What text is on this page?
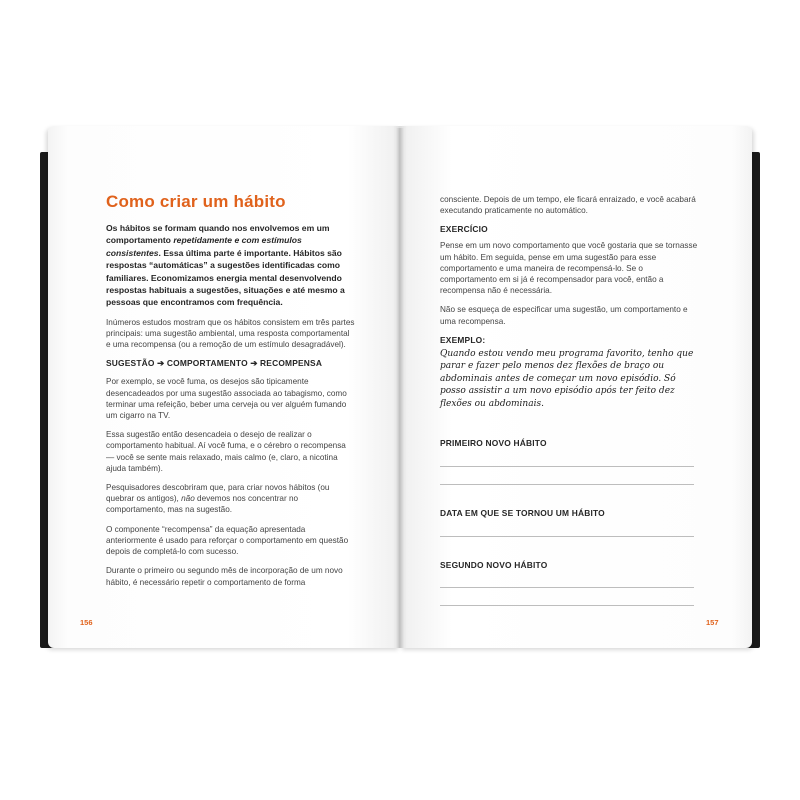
Como criar um hábito

Os hábitos se formam quando nos envolvemos em um comportamento repetidamente e com estímulos consistentes. Essa última parte é importante. Hábitos são respostas “automáticas” a sugestões identificadas como familiares. Economizamos energia mental desenvolvendo respostas habituais a sugestões, situações e até mesmo a pessoas que encontramos com frequência.

Inúmeros estudos mostram que os hábitos consistem em três partes principais: uma sugestão ambiental, uma resposta comportamental e uma recompensa (ou a remoção de um estímulo desagradável).

SUGESTÃO ➔ COMPORTAMENTO ➔ RECOMPENSA

Por exemplo, se você fuma, os desejos são tipicamente desencadeados por uma sugestão associada ao tabagismo, como terminar uma refeição, beber uma cerveja ou ver alguém fumando um cigarro na TV.

Essa sugestão então desencadeia o desejo de realizar o comportamento habitual. Aí você fuma, e o cérebro o recompensa — você se sente mais relaxado, mais calmo (e, claro, a nicotina ajuda também).

Pesquisadores descobriram que, para criar novos hábitos (ou quebrar os antigos), não devemos nos concentrar no comportamento, mas na sugestão.

O componente “recompensa” da equação apresentada anteriormente é usado para reforçar o comportamento em questão depois de completá-lo com sucesso.

Durante o primeiro ou segundo mês de incorporação de um novo hábito, é necessário repetir o comportamento de forma

156

consciente. Depois de um tempo, ele ficará enraizado, e você acabará executando praticamente no automático.

EXERCÍCIO

Pense em um novo comportamento que você gostaria que se tornasse um hábito. Em seguida, pense em uma sugestão para esse comportamento e uma maneira de recompensá-lo. Se o comportamento em si já é recompensador para você, então a recompensa não é necessária.

Não se esqueça de especificar uma sugestão, um comportamento e uma recompensa.

EXEMPLO:

Quando estou vendo meu programa favorito, tenho que parar e fazer pelo menos dez flexões de braço ou abdominais antes de começar um novo episódio. Só posso assistir a um novo episódio após ter feito dez flexões ou abdominais.

PRIMEIRO NOVO HÁBITO
DATA EM QUE SE TORNOU UM HÁBITO
SEGUNDO NOVO HÁBITO
157
